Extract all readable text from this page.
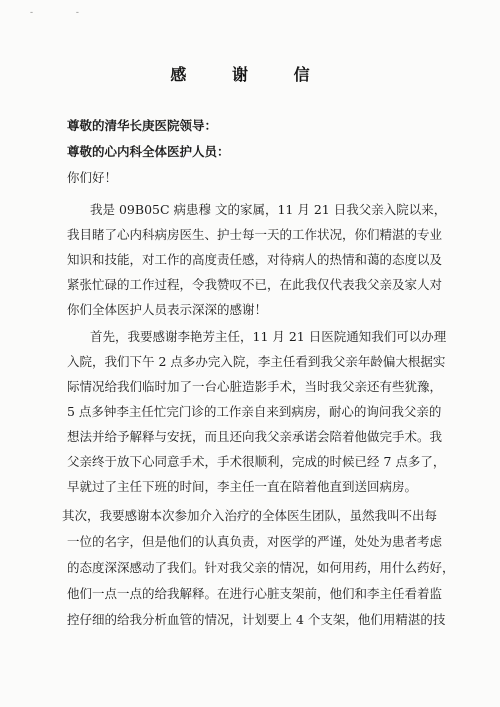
- -
感 谢 信
尊敬的清华长庚医院领导：
尊敬的心内科全体医护人员：
你们好！
我是 09B05C 病患穆 文的家属，11 月 21 日我父亲入院以来，
我目睹了心内科病房医生、护士每一天的工作状况，你们精湛的专业
知识和技能，对工作的高度责任感，对待病人的热情和蔼的态度以及
紧张忙碌的工作过程，令我赞叹不已，在此我仅代表我父亲及家人对
你们全体医护人员表示深深的感谢！
首先，我要感谢李艳芳主任，11 月 21 日医院通知我们可以办理
入院，我们下午 2 点多办完入院，李主任看到我父亲年龄偏大根据实
际情况给我们临时加了一台心脏造影手术，当时我父亲还有些犹豫，
5 点多钟李主任忙完门诊的工作亲自来到病房，耐心的询问我父亲的
想法并给予解释与安抚，而且还向我父亲承诺会陪着他做完手术。我
父亲终于放下心同意手术，手术很顺利，完成的时候已经 7 点多了，
早就过了主任下班的时间，李主任一直在陪着他直到送回病房。
其次，我要感谢本次参加介入治疗的全体医生团队，虽然我叫不出每
一位的名字，但是他们的认真负责，对医学的严谨，处处为患者考虑
的态度深深感动了我们。针对我父亲的情况，如何用药，用什么药好，
他们一点一点的给我解释。在进行心脏支架前，他们和李主任看着监
控仔细的给我分析血管的情况，计划要上 4 个支架，他们用精湛的技
